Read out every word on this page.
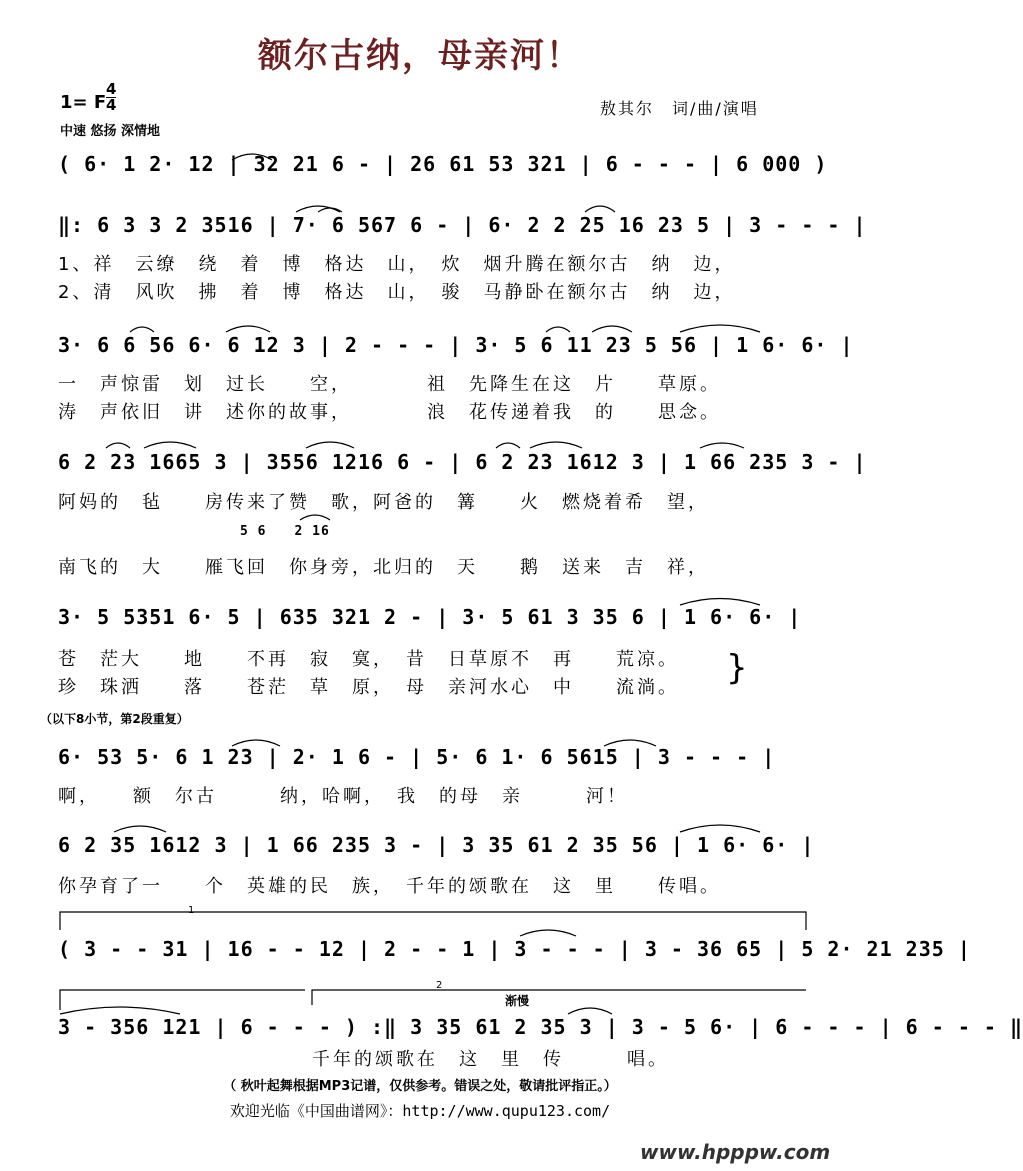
额尔古纳，母亲河！
1= F
4
4
中速 悠扬 深情地
敖其尔　词/曲/演唱
( 6· 1 2· 12 | 32 21 6 - | 26 61 53 321 | 6 - - - | 6 000 )
‖: 6 3 3 2 3516 | 7· 6 567 6 - | 6· 2 2 25 16 23 5 | 3 - - - |
1、祥　云缭　绕　着　博　格达　山，　炊　烟升腾在额尔古　纳　边，
2、清　风吹　拂　着　博　格达　山，　骏　马静卧在额尔古　纳　边，
3· 6 6 56 6· 6 12 3 | 2 - - - | 3· 5 6 11 23 5 56 | 1 6· 6· |
一　声惊雷　划　过长　　空，　　　　祖　先降生在这　片　　草原。
涛　声依旧　讲　述你的故事，　　　　浪　花传递着我　的　　思念。
6 2 23 1665 3 | 3556 1216 6 - | 6 2 23 1612 3 | 1 66 235 3 - |
阿妈的　毡　　房传来了赞　歌，阿爸的　篝　　火　燃烧着希　望，
5 6　　2 16
南飞的　大　　雁飞回　你身旁，北归的　天　　鹅　送来　吉　祥，
3· 5 5351 6· 5 | 635 321 2 - | 3· 5 61 3 35 6 | 1 6· 6· |
苍　茫大　　地　　不再　寂　寞，　昔　日草原不　再　　荒凉。
珍　珠洒　　落　　苍茫　草　原，　母　亲河水心　中　　流淌。 }
（以下8小节，第2段重复）
6· 53 5· 6 1 23 | 2· 1 6 - | 5· 6 1· 6 5615 | 3 - - - |
啊，　　额　尔古　　　纳，哈啊，　我　的母　亲　　　河！
6 2 35 1612 3 | 1 66 235 3 - | 3 35 61 2 35 56 | 1 6· 6· |
你孕育了一　　个　英雄的民　族，　千年的颂歌在　这　里　　传唱。
1
( 3 - - 31 | 16 - - 12 | 2 - - 1 | 3 - - - | 3 - 36 65 | 5 2· 21 235 |
2
渐慢
3 - 356 121 | 6 - - - ) :‖ 3 35 61 2 35 3 | 3 - 5 6· | 6 - - - | 6 - - - ‖
千年的颂歌在　这　里　传　　　唱。
（ 秋叶起舞根据MP3记谱，仅供参考。错误之处，敬请批评指正。）
欢迎光临《中国曲谱网》：http://www.qupu123.com/
www.hpppw.com
